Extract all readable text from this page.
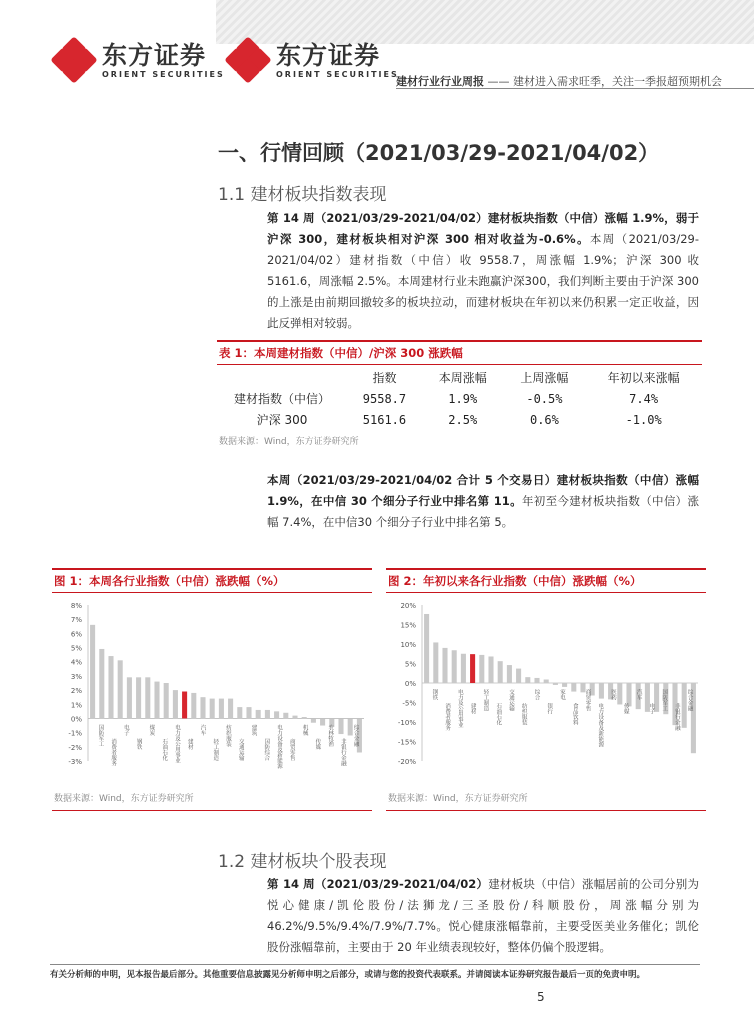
东方证券
ORIENT SECURITIES
东方证券
ORIENT SECURITIES
建材行业行业周报 —— 建材进入需求旺季，关注一季报超预期机会
一、行情回顾（2021/03/29-2021/04/02）
1.1 建材板块指数表现
第 14 周（2021/03/29-2021/04/02）建材板块指数（中信）涨幅 1.9%，弱于沪深 300，建材板块相对沪深 300 相对收益为-0.6%。本周（2021/03/29-2021/04/02）建材指数（中信）收 9558.7，周涨幅 1.9%；沪深 300 收 5161.6，周涨幅 2.5%。本周建材行业未跑赢沪深300，我们判断主要由于沪深 300 的上涨是由前期回撤较多的板块拉动，而建材板块在年初以来仍积累一定正收益，因此反弹相对较弱。
表 1：本周建材指数（中信）/沪深 300 涨跌幅
	指数	本周涨幅	上周涨幅	年初以来涨幅
建材指数（中信）	9558.7	1.9%	-0.5%	7.4%
沪深 300	5161.6	2.5%	0.6%	-1.0%
数据来源：Wind，东方证券研究所
本周（2021/03/29-2021/04/02 合计 5 个交易日）建材板块指数（中信）涨幅 1.9%，在中信 30 个细分子行业中排名第 11。年初至今建材板块指数（中信）涨幅 7.4%，在中信30 个细分子行业中排名第 5。
图 1：本周各行业指数（中信）涨跌幅（%）
8%
7%
6%
5%
4%
3%
2%
1%
0%
-1%
-2%
-3%
国防军工
消费者服务
电子
钢铁
煤炭
石油石化 电力及公用事业 建材
汽车
轻工制造
纺织服装
交通运输
建筑
国防综合 电力设备及新能源 商贸零售
机械
传媒 农林牧渔
非银行金融
综合金融
数据来源：Wind，东方证券研究所
图 2：年初以来各行业指数（中信）涨跌幅（%）
20%
15%
10%
5%
0%
-5%
-10%
-15%
-20%
钢铁
消费者服务 电力及公用事业 建材 轻工制造
石油石化
交通运输
纺织服装
综合
银行
家电
食品饮料
商贸零售
电力设备及新能源
医药
传媒
汽车
电子 国防军工
非银行金融
综合金融
数据来源：Wind，东方证券研究所
1.2 建材板块个股表现
第 14 周（2021/03/29-2021/04/02）建材板块（中信）涨幅居前的公司分别为悦心健康/凯伦股份/法狮龙/三圣股份/科顺股份，周涨幅分别为 46.2%/9.5%/9.4%/7.9%/7.7%。悦心健康涨幅靠前，主要受医美业务催化；凯伦股份涨幅靠前，主要由于 20 年业绩表现较好，整体仍偏个股逻辑。
有关分析师的申明，见本报告最后部分。其他重要信息披露见分析师申明之后部分，或请与您的投资代表联系。并请阅读本证券研究报告最后一页的免责申明。
5
